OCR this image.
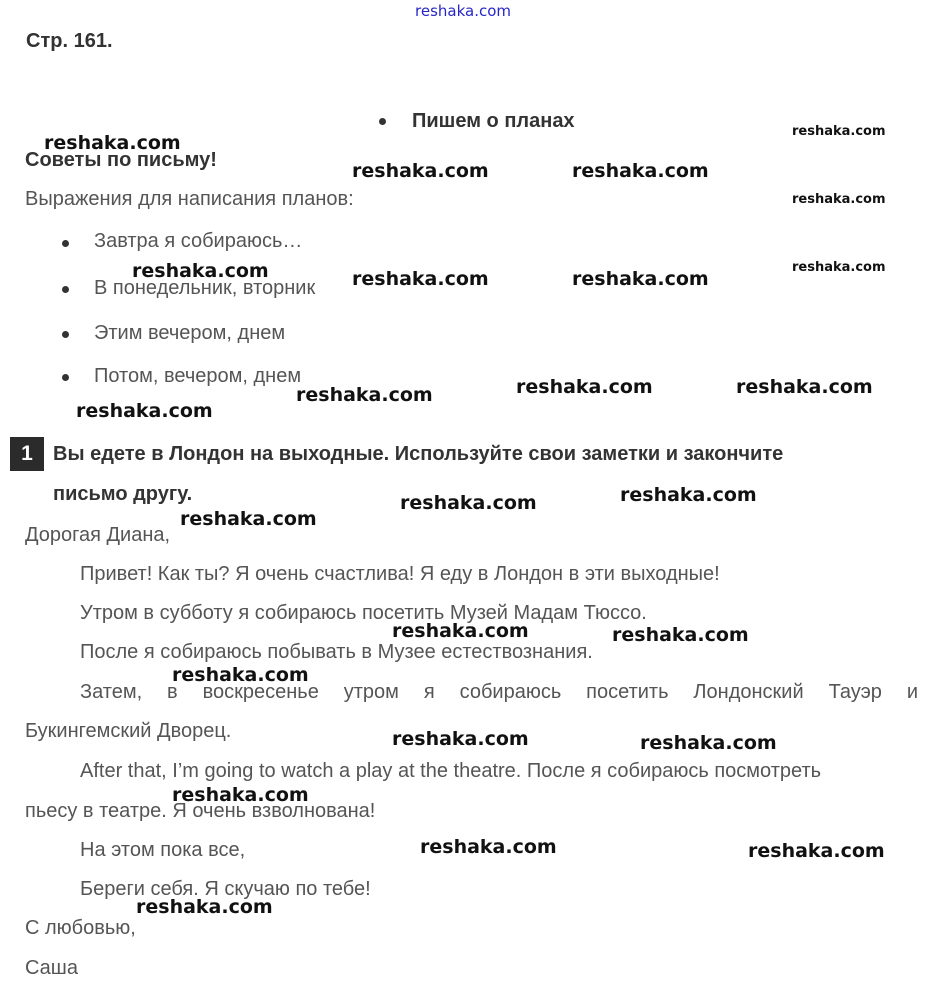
reshaka.com
Стр. 161.
Пишем о планах
Советы по письму!
Выражения для написания планов:
Завтра я собираюсь…
В понедельник, вторник
Этим вечером, днем
Потом, вечером, днем
1	Вы едете в Лондон на выходные. Используйте свои заметки и закончите
письмо другу.
Дорогая Диана,
Привет! Как ты? Я очень счастлива! Я еду в Лондон в эти выходные!
Утром в субботу я собираюсь посетить Музей Мадам Тюссо.
После я собираюсь побывать в Музее естествознания.
Затем, в воскресенье утром я собираюсь посетить Лондонский Тауэр и
Букингемский Дворец.
After that, I’m going to watch a play at the theatre. После я собираюсь посмотреть
пьесу в театре. Я очень взволнована!
На этом пока все,
Береги себя. Я скучаю по тебе!
С любовью,
Саша
reshaka.com
reshaka.com
reshaka.com	reshaka.com
reshaka.com
reshaka.com	reshaka.com
reshaka.com	reshaka.com
reshaka.com	reshaka.com
reshaka.com
reshaka.com
reshaka.com
reshaka.com
reshaka.com
reshaka.com	reshaka.com
reshaka.com
reshaka.com	reshaka.com
reshaka.com
reshaka.com	reshaka.com
reshaka.com
